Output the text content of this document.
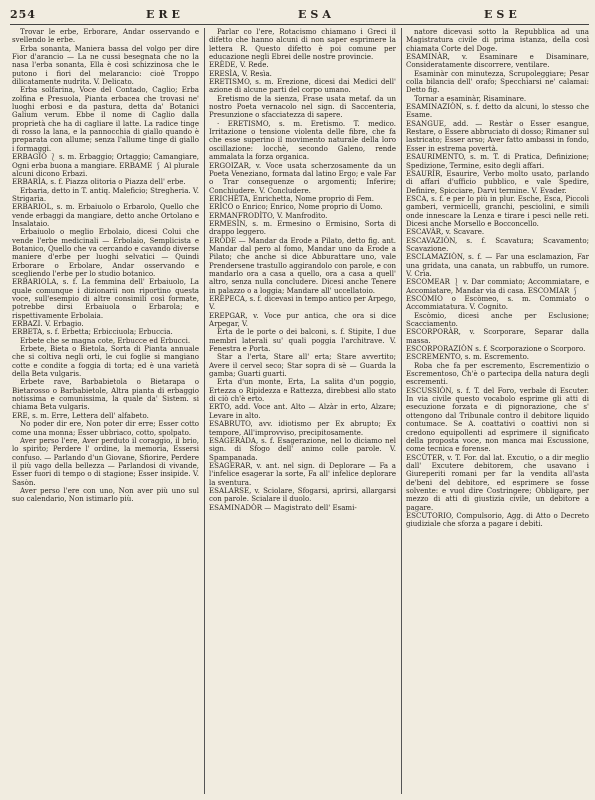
254	ERE	ESA	ESE

Trovar le erbe, Erborare, Andar osservando e svellendo le erbe.

Erba sonanta, Maniera bassa del volgo per dire Fior d'arancio — La ne cussi besegnata che no la nasa l'erba sonanta, Ella è così schizzinosa che le putono i fiori del melarancio: cioè Troppo dilicatamente nudrita. V. Delicato.

Erba solfarina, Voce del Contado, Caglio; Erba zolfina e Presuola, Pianta erbacea che trovasi ne' luoghi erbosi e da pastura, detta da' Botanici Galium verum. Ebbe il nome di Caglio dalla proprietà che ha di cagliare il latte. La radice tinge di rosso la lana, e la pannocchia di giallo quando è preparata con allume; senza l'allume tinge di giallo i formaggi.

ERBAGIO ⎱ s. m. Erbaggio; Ortaggio; Camangiare, Ogni erba buona a mangiare. ERBAME ⎰ Al plurale alcuni dicono Erbazi.

ERBARÌA, s. f. Piazza olitoria o Piazza dell' erbe.

Erbaria, detto in T. antiq. Maleficio; Stregheria. V. Strigarìa.

ERBARIOL, s. m. Erbaiuolo o Erbarolo, Quello che vende erbaggi da mangiare, detto anche Ortolano e Insalataio.

Erbaiuolo o meglio Erbolaio, dicesi Colui che vende l'erbe medicinali — Erbolaio, Semplicista e Botanico, Quello che va cercando e cavando diverse maniere d'erbe per luoghi selvatici — Quindi Erborare o Erbolare, Andar osservando e scegliendo l'erbe per lo studio botanico.

ERBARIOLA, s. f. La femmina dell' Erbaiuolo, La quale comunque i dizionarii non riportino questa voce, sull'esempio di altre consimili così formate, potrebbe dirsi Erbaiuola o Erbarola; e rispettivamente Erbolaia.

ERBAZI. V. Erbagio.

ERBETA, s. f. Erbetta; Erbicciuola; Erbuccia.

Erbete che se magna cote, Erbucce ed Erbucci.

Erbete, Bieta o Bietola, Sorta di Pianta annuale che si coltiva negli orti, le cui foglie si mangiano cotte e condite a foggia di torta; ed è una varietà della Beta vulgaris.

Erbete rave, Barbabietola o Bietarapa o Bietarosso o Barbabietole, Altra pianta di erbaggio notissima e comunissima, la quale da' Sistem. si chiama Beta vulgaris.

ERE, s. m. Erre, Lettera dell' alfabeto.

No poder dir ere, Non poter dir erre; Esser cotto come una monna; Esser ubbriaco, cotto, spolpato.

Aver perso l'ere, Aver perduto il coraggio, il brio, lo spirito; Perdere l' ordine, la memoria, Essersi confuso. — Parlando d'un Giovane, Sfiorire, Perdere il più vago della bellezza — Parlandosi di vivande, Esser fuori di tempo o di stagione; Esser insipide. V. Sasòn.

Aver perso l'ere con uno, Non aver più uno sul suo calendario, Non istimarlo più.

Parlar co l'ere, Rotacismo chiamano i Greci il difetto che hanno alcuni di non saper esprimere la lettera R. Questo difetto è poi comune per educazione negli Ebrei delle nostre provincie.

ERÈDE, V. Rede.

ERESÌA, V. Resìa.

ERETISMO, s. m. Erezione, dicesi dai Medici dell' azione di alcune parti del corpo umano.

Eretismo de la sienza, Frase usata metaf. da un nostro Poeta vernacolo nel sign. di Saccenteria, Presunzione o sfacciatezza di sapere.

· ERETISMO, s. m. Eretismo. T. medico. Irritazione o tensione violenta delle fibre, che fa che esse superino il movimento naturale della loro oscillazione: locchè, secondo Galeno, rende ammalata la forza organica.

ERGOIZAR, v. Voce usata scherzosamente da un Poeta Veneziano, formata dal latino Ergo; e vale Far o Trar conseguenze o argomenti; Inferire; Conchiudere. V. Concludere.

ERICHÈTA, Enrichetta, Nome proprio di Fem.

ERÌCO o Enrico; Enrico, Nome proprio di Uomo.

ERMANFRODÌTO, V. Manfrodìto.

ERMESÌN, s. m. Ermesino o Ermisino, Sorta di drappo leggero.

ERÒDE — Mandar da Erode a Pilato, detto fig. ant. Mandar dal pero al fomo, Mandar uno da Erode a Pilato; che anche si dice Abburattare uno, vale Prendersene trastullo aggirandolo con parole, e con mandarlo ora a casa a quello, ora a casa a quell' altro, senza nulla concludere. Dicesi anche Tenere in palazzo o a loggia; Mandare all' uccellatoio.

ERÈPECA, s. f. dicevasi in tempo antico per Arpego, V.

EREPGAR, v. Voce pur antica, che ora si dice Arpegar, V.

Erta de le porte o dei balconi, s. f. Stipite, I due membri laterali su' quali poggia l'architrave. V. Fenestra e Porta.

Star a l'erta, Stare all' erta; Stare avvertito; Avere il cervel seco; Star sopra di sè — Guarda la gamba; Guarti guarti.

Erta d'un monte, Erta, La salita d'un poggio, Ertezza o Ripidezza e Rattezza, direbbesi allo stato di ciò ch'è erto.

ERTO, add. Voce ant. Alto — Alzàr in erto, Alzare; Levare in alto.

ESABRUTO, avv. idiotismo per Ex abrupto; Ex tempore, All'improvviso, precipitosamente.

ESAGERÀDA, s. f. Esagerazione, nel lo diciamo nel sign. di Sfogo dell' animo colle parole. V. Spampanada.

ESAGERAR, v. ant. nel sign. di Deplorare — Fa a l'infelice esagerar la sorte, Fa all' infelice deplorare la sventura.

ESALARSE, v. Sciolare, Sfogarsi, aprirsi, allargarsi con parole. Scialare il duolo.

ESAMINADÒR — Magistrato dell' Esami-

natore dicevasi sotto la Repubblica ad una Magistratura civile di prima istanza, della così chiamata Corte del Doge.

ESAMINÀR, v. Esaminare e Disaminare, Consideratamente discorrere, ventilare.

Esaminàr con minutezza, Scrupoleggiare; Pesar colla bilancia dell' orafo; Specchiarsi ne' calamai: Detto fig.

Tornar a esaminàr, Risaminare.

ESAMINAZIÒN, s. f. detto da alcuni, lo stesso che Esame.

ESANGUE, add. — Restàr o Esser esangue, Restare, o Essere abbruciato di dosso; Rimaner sul lastricato; Esser arso; Aver fatto ambassi in fondo, Esser in estrema povertà.

ESAURIMENTO, s. m. T. di Pratica, Definizione; Spedizione, Termine, esito degli affari.

ESAURÌR, Esaurire, Verbo molto usato, parlando di affari d'ufficio pubblico, e vale Spedire, Definire, Spicciare, Darvi termine. V. Evader.

ESCA, s. f. e per lo più in plur. Esche, Esca, Piccoli gamberi, vermicelli, granchi, pesciolini, e simili onde innescare la Lenza e tirare i pesci nelle reti. Dicesi anche Morsello e Bocconcello.

ESCAVÀR, v. Scavare.

ESCAVAZIÒN, s. f. Scavatura; Scavamento; Scavazione.

ESCLAMAZIÒN, s. f. — Far una esclamazion, Far una gridata, una canata, un rabbuffo, un rumore. V. Crìa.

ESCOMEAR ⎱ v. Dar commiato; Accommiatare, e Accomiatare, Mandar via di casa. ESCOMIAR ⎰

ESCÒMIO o Escòmeo, s. m. Commiato o Accommiatatura. V. Cognito.

Escòmio, dicesi anche per Esclusione; Scacciamento.

ESCORPORÀR, v. Scorporare, Separar dalla massa.

ESCORPORAZIÒN s. f. Scorporazione o Scorporo.

ESCREMENTO, s. m. Escremento.

Roba che fa per escremento, Escrementizio o Escrementoso, Ch'è o partecipa della natura degli escrementi.

ESCUSSIÒN, s. f. T. del Foro, verbale di Escuter. In via civile questo vocabolo esprime gli atti di esecuzione forzata e di pignorazione, che s' ottengono dal Tribunale contro il debitore liquido contumace. Se A. coattativi o coattivi non si credono equipollenti ad esprimere il significato della proposta voce, non manca mai Escussione, come tecnica e forense.

ESCÙTER, v. T. For. dal lat. Excutio, o a dir meglio dall' Excutere debitorem, che usavano i Giureperiti romani per far la vendita all'asta de'beni del debitore, ed esprimere se fosse solvente: e vuol dire Costringere; Obbligare, per mezzo di atti di giustizia civile, un debitore a pagare.

ESCUTORIO, Compulsorio, Agg. di Atto o Decreto giudiziale che sforza a pagare i debiti.
